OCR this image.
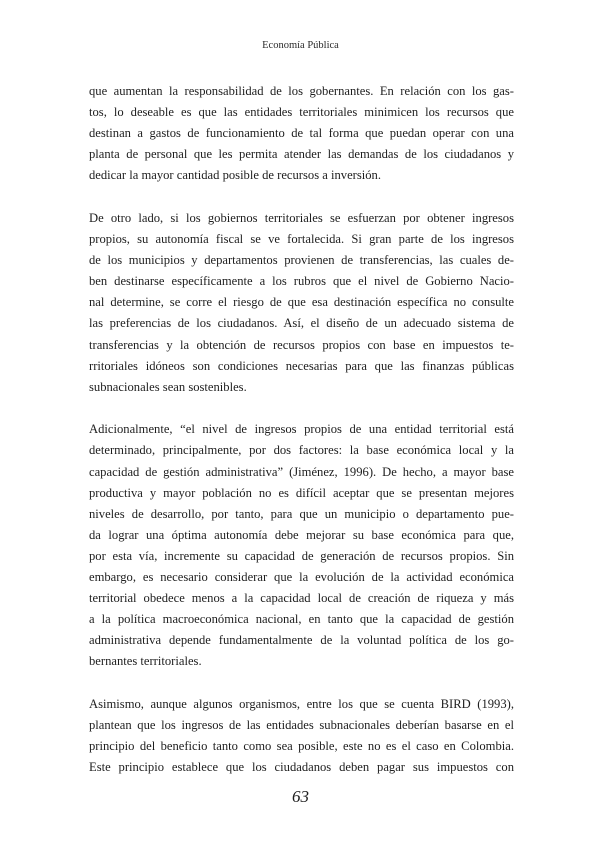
Economía Pública
que aumentan la responsabilidad de los gobernantes. En relación con los gas-
tos, lo deseable es que las entidades territoriales minimicen los recursos que
destinan a gastos de funcionamiento de tal forma que puedan operar con una
planta de personal que les permita atender las demandas de los ciudadanos y
dedicar la mayor cantidad posible de recursos a inversión.
De otro lado, si los gobiernos territoriales se esfuerzan por obtener ingresos
propios, su autonomía fiscal se ve fortalecida. Si gran parte de los ingresos
de los municipios y departamentos provienen de transferencias, las cuales de-
ben destinarse específicamente a los rubros que el nivel de Gobierno Nacio-
nal determine, se corre el riesgo de que esa destinación específica no consulte
las preferencias de los ciudadanos. Así, el diseño de un adecuado sistema de
transferencias y la obtención de recursos propios con base en impuestos te-
rritoriales idóneos son condiciones necesarias para que las finanzas públicas
subnacionales sean sostenibles.
Adicionalmente, “el nivel de ingresos propios de una entidad territorial está
determinado, principalmente, por dos factores: la base económica local y la
capacidad de gestión administrativa” (Jiménez, 1996). De hecho, a mayor base
productiva y mayor población no es difícil aceptar que se presentan mejores
niveles de desarrollo, por tanto, para que un municipio o departamento pue-
da lograr una óptima autonomía debe mejorar su base económica para que,
por esta vía, incremente su capacidad de generación de recursos propios. Sin
embargo, es necesario considerar que la evolución de la actividad económica
territorial obedece menos a la capacidad local de creación de riqueza y más
a la política macroeconómica nacional, en tanto que la capacidad de gestión
administrativa depende fundamentalmente de la voluntad política de los go-
bernantes territoriales.
Asimismo, aunque algunos organismos, entre los que se cuenta BIRD (1993),
plantean que los ingresos de las entidades subnacionales deberían basarse en el
principio del beneficio tanto como sea posible, este no es el caso en Colombia.
Este principio establece que los ciudadanos deben pagar sus impuestos con
63
